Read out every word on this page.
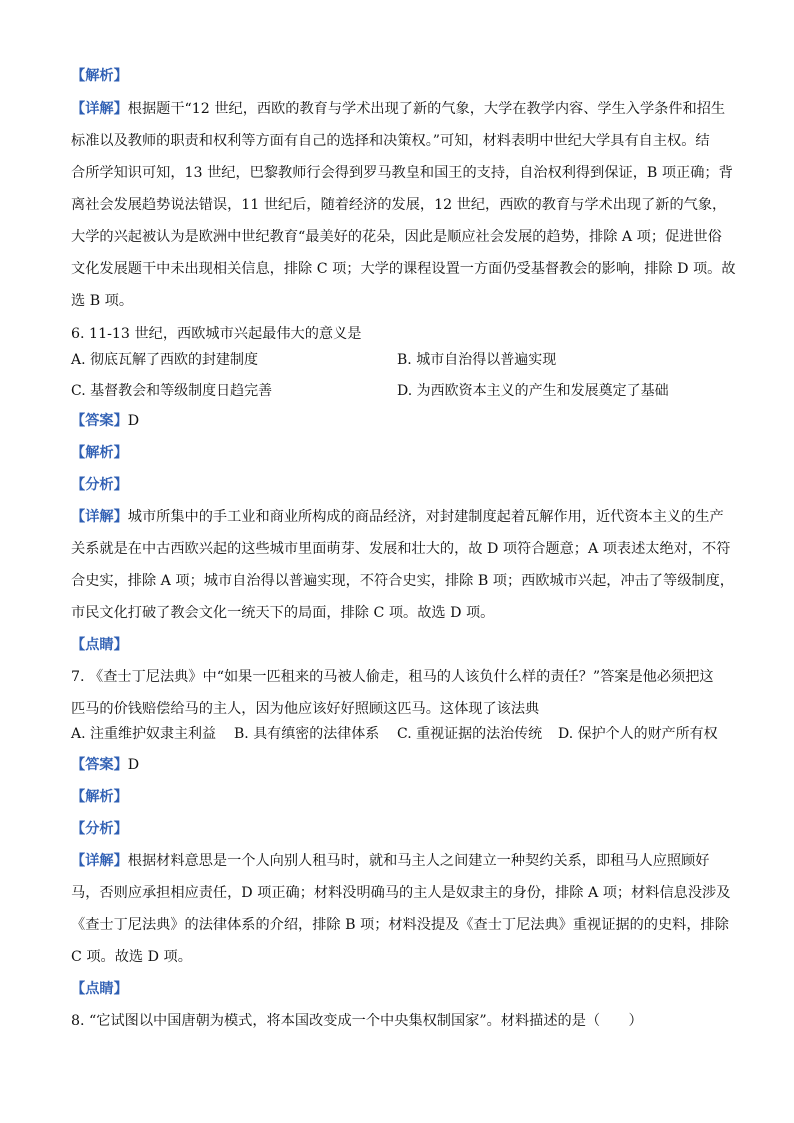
【解析】
【详解】根据题干“12 世纪，西欧的教育与学术出现了新的气象，大学在教学内容、学生入学条件和招生
标准以及教师的职责和权利等方面有自己的选择和决策权。”可知，材料表明中世纪大学具有自主权。结
合所学知识可知，13 世纪，巴黎教师行会得到罗马教皇和国王的支持，自治权利得到保证，B 项正确；背
离社会发展趋势说法错误，11 世纪后，随着经济的发展，12 世纪，西欧的教育与学术出现了新的气象，
大学的兴起被认为是欧洲中世纪教育“最美好的花朵，因此是顺应社会发展的趋势，排除 A 项；促进世俗
文化发展题干中未出现相关信息，排除 C 项；大学的课程设置一方面仍受基督教会的影响，排除 D 项。故
选 B 项。
6. 11-13 世纪，西欧城市兴起最伟大的意义是
A. 彻底瓦解了西欧的封建制度	B. 城市自治得以普遍实现
C. 基督教会和等级制度日趋完善	D. 为西欧资本主义的产生和发展奠定了基础
【答案】D
【解析】
【分析】
【详解】城市所集中的手工业和商业所构成的商品经济，对封建制度起着瓦解作用，近代资本主义的生产
关系就是在中古西欧兴起的这些城市里面萌芽、发展和壮大的，故 D 项符合题意；A 项表述太绝对，不符
合史实，排除 A 项；城市自治得以普遍实现，不符合史实，排除 B 项；西欧城市兴起，冲击了等级制度，
市民文化打破了教会文化一统天下的局面，排除 C 项。故选 D 项。
【点睛】
7. 《查士丁尼法典》中“如果一匹租来的马被人偷走，租马的人该负什么样的责任？”答案是他必须把这
匹马的价钱赔偿给马的主人，因为他应该好好照顾这匹马。这体现了该法典
A. 注重维护奴隶主利益 B. 具有缜密的法律体系 C. 重视证据的法治传统 D. 保护个人的财产所有权
【答案】D
【解析】
【分析】
【详解】根据材料意思是一个人向别人租马时，就和马主人之间建立一种契约关系，即租马人应照顾好
马，否则应承担相应责任，D 项正确；材料没明确马的主人是奴隶主的身份，排除 A 项；材料信息没涉及
《查士丁尼法典》的法律体系的介绍，排除 B 项；材料没提及《查士丁尼法典》重视证据的的史料，排除
C 项。故选 D 项。
【点睛】
8. “它试图以中国唐朝为模式，将本国改变成一个中央集权制国家”。材料描述的是（　　）
